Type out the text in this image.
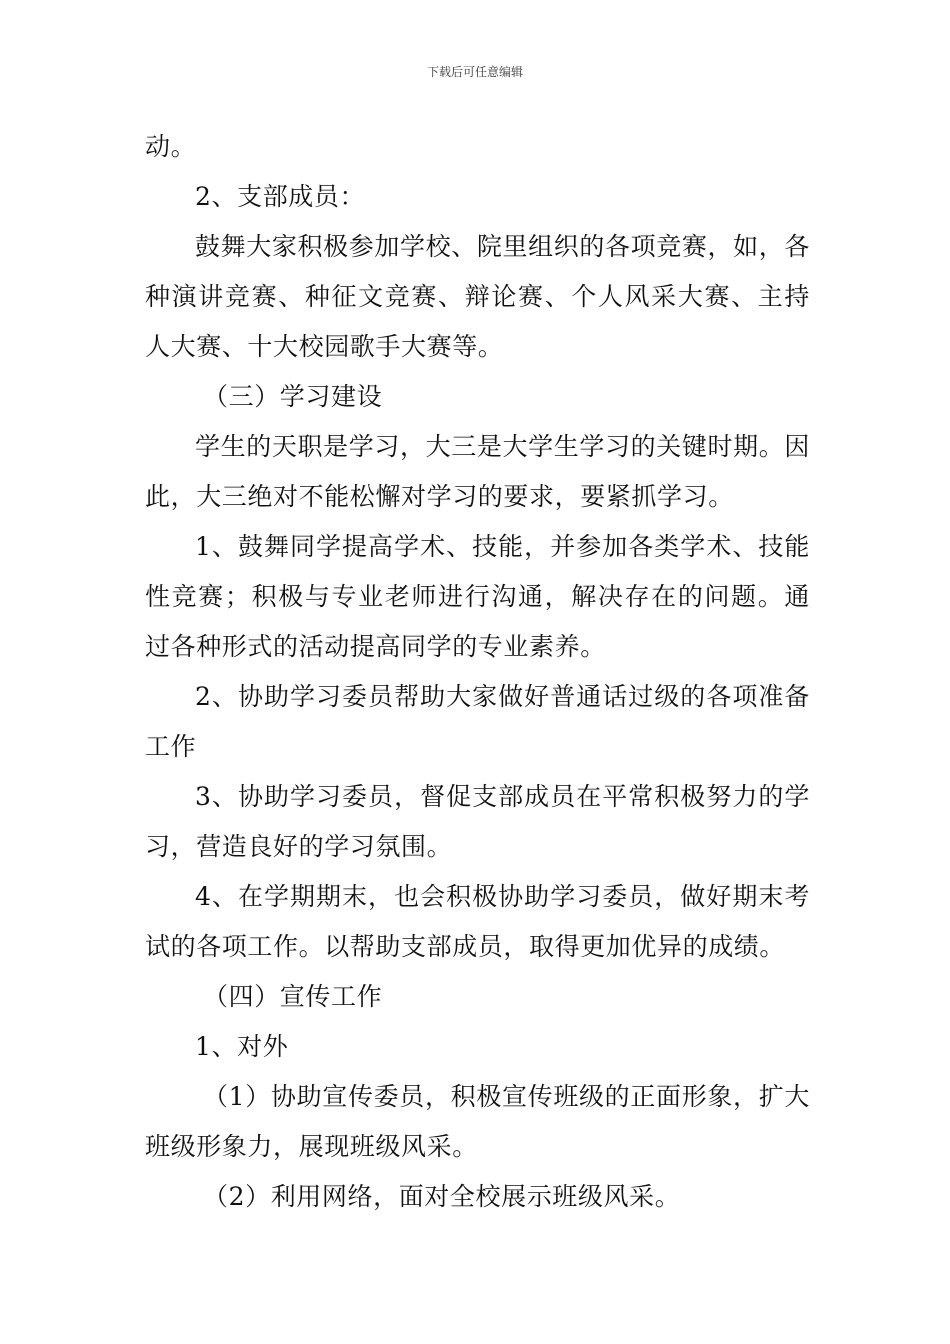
下载后可任意编辑

动。

2、支部成员：

鼓舞大家积极参加学校、院里组织的各项竞赛，如，各种演讲竞赛、种征文竞赛、辩论赛、个人风采大赛、主持人大赛、十大校园歌手大赛等。

（三）学习建设

学生的天职是学习，大三是大学生学习的关键时期。因此，大三绝对不能松懈对学习的要求，要紧抓学习。

1、鼓舞同学提高学术、技能，并参加各类学术、技能性竞赛；积极与专业老师进行沟通，解决存在的问题。通过各种形式的活动提高同学的专业素养。

2、协助学习委员帮助大家做好普通话过级的各项准备工作

3、协助学习委员，督促支部成员在平常积极努力的学习，营造良好的学习氛围。

4、在学期期末，也会积极协助学习委员，做好期末考试的各项工作。以帮助支部成员，取得更加优异的成绩。

（四）宣传工作

1、对外

（1）协助宣传委员，积极宣传班级的正面形象，扩大班级形象力，展现班级风采。

（2）利用网络，面对全校展示班级风采。
